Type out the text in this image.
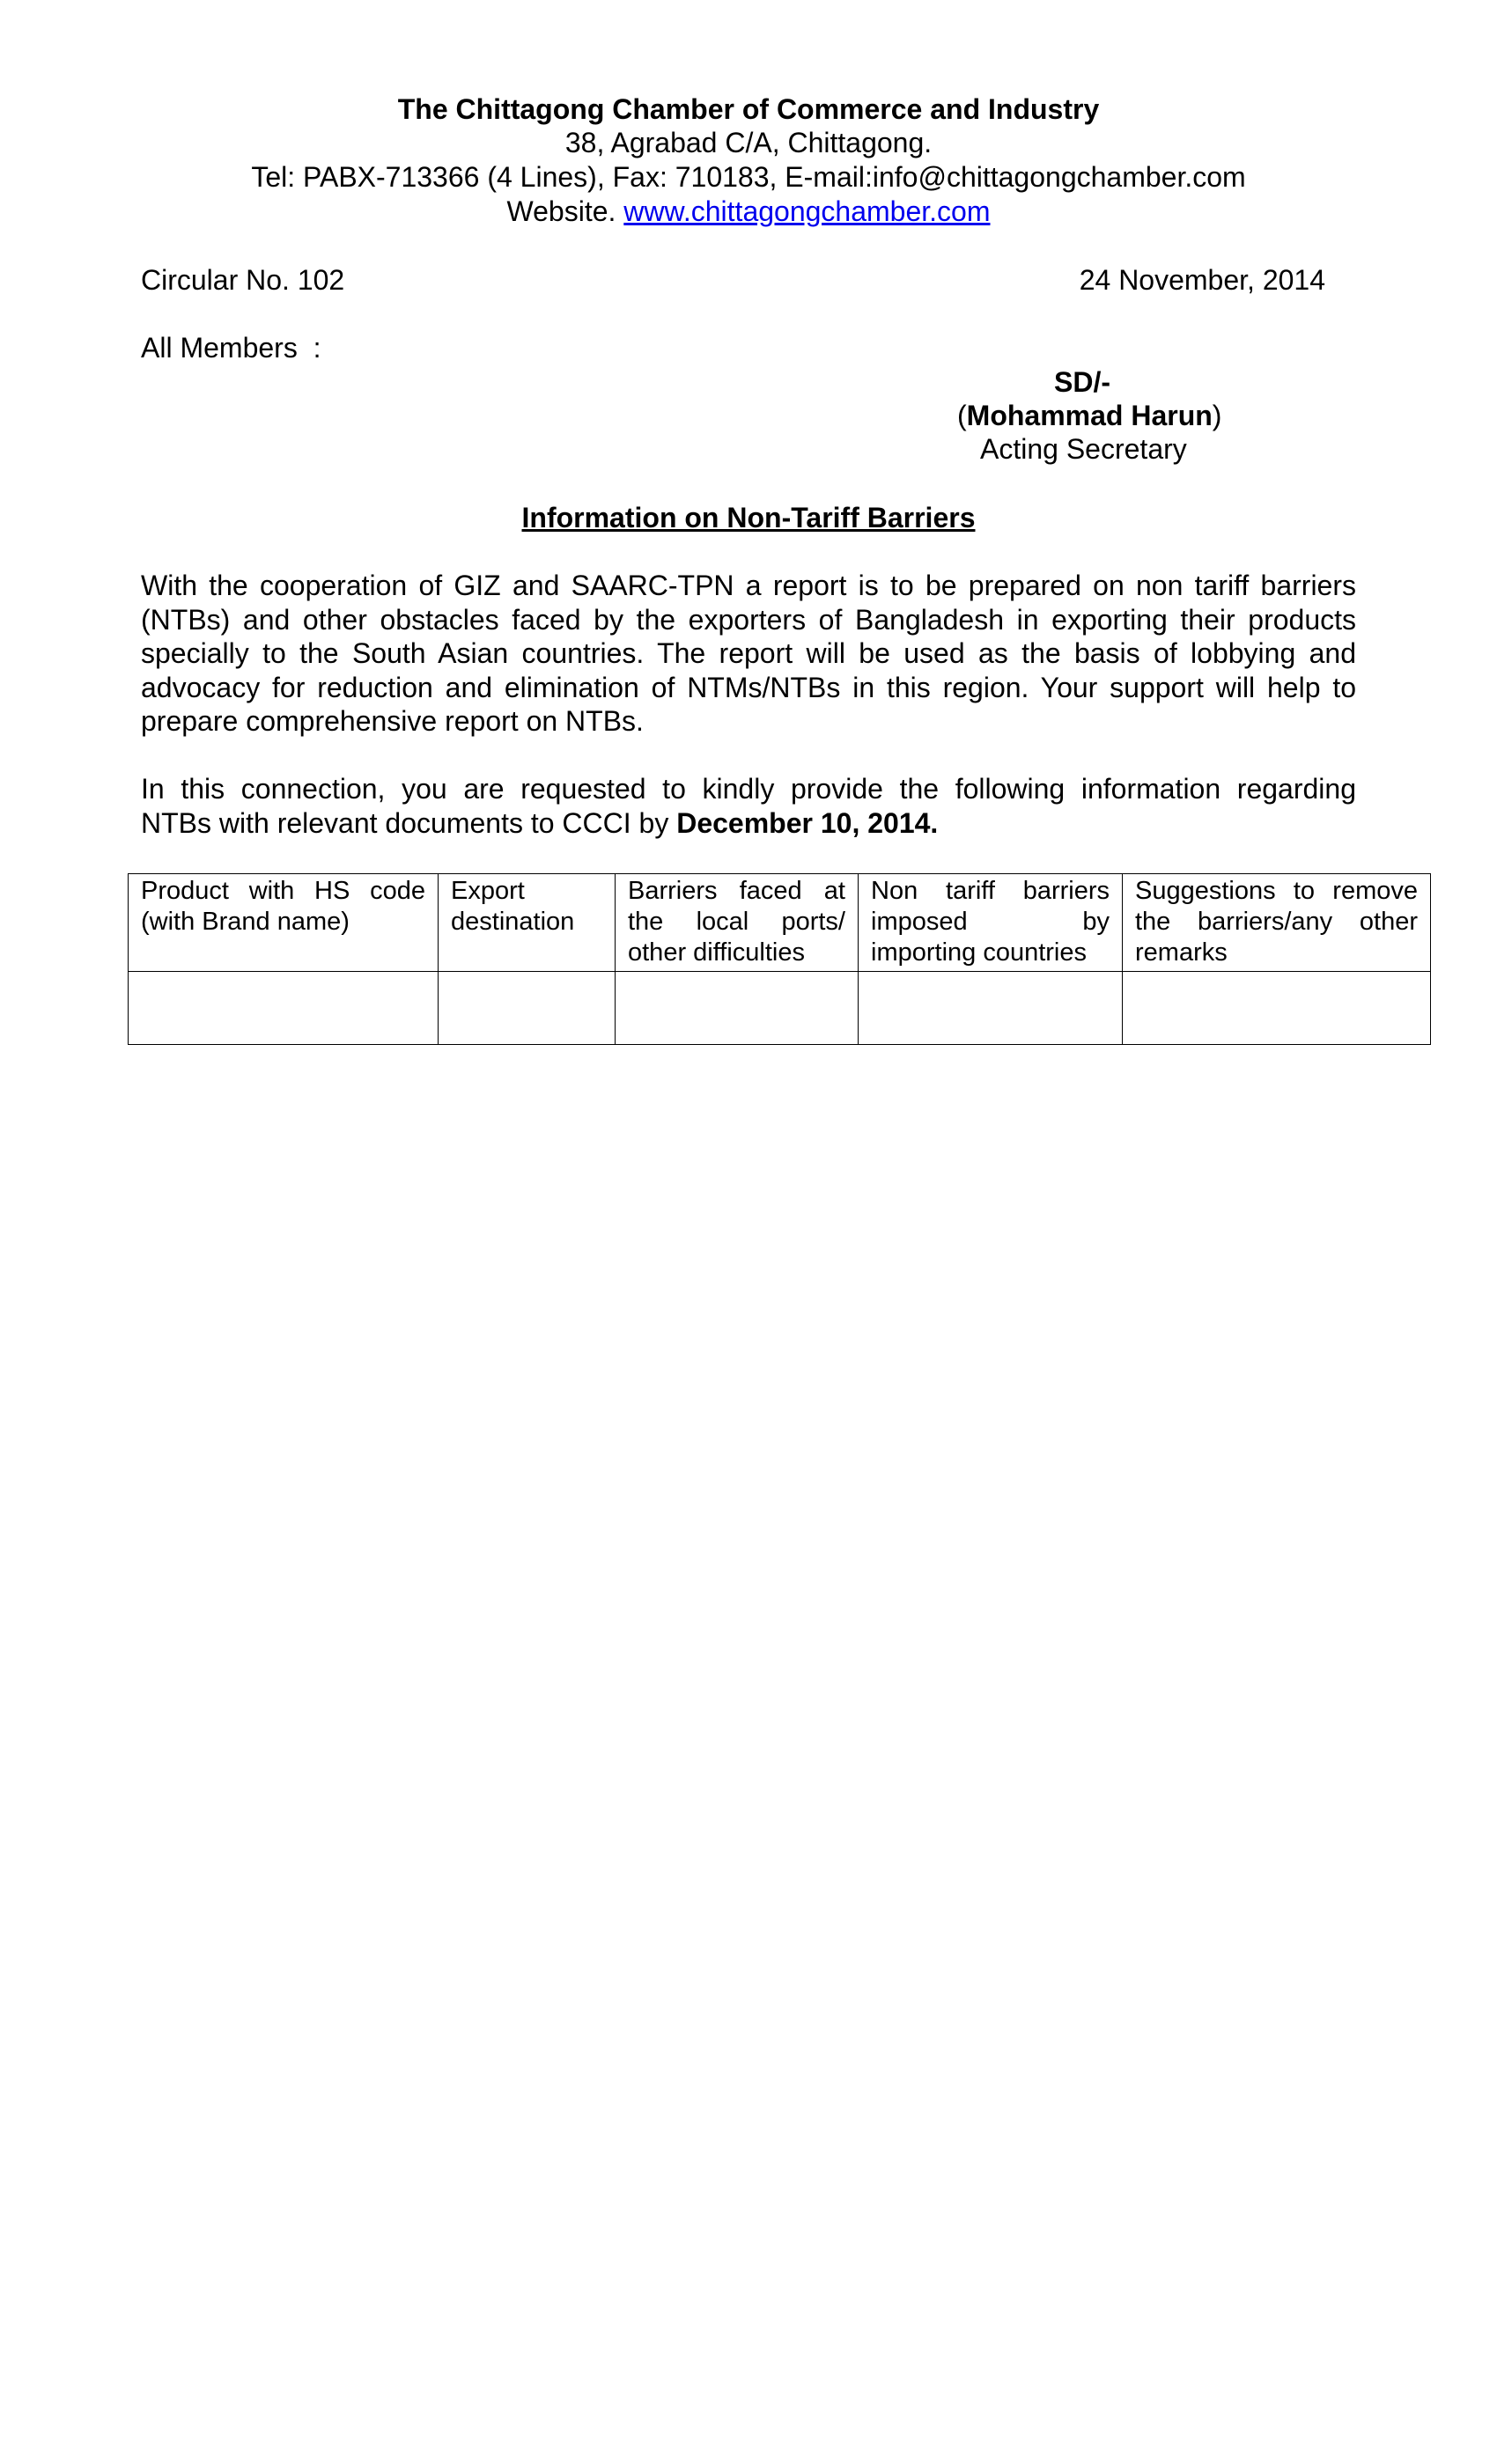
The Chittagong Chamber of Commerce and Industry
38, Agrabad C/A, Chittagong.
Tel: PABX-713366 (4 Lines), Fax: 710183, E-mail:info@chittagongchamber.com
Website. www.chittagongchamber.com
Circular No. 102	24 November, 2014
All Members  :
SD/-
(Mohammad Harun)
Acting Secretary
Information on Non-Tariff Barriers
With the cooperation of GIZ and SAARC-TPN a report is to be prepared on non tariff barriers
(NTBs) and other obstacles faced by the exporters of Bangladesh in exporting their products
specially to the South Asian countries. The report will be used as the basis of lobbying and
advocacy for reduction and elimination of NTMs/NTBs in this region. Your support will help to
prepare comprehensive report on NTBs.
In this connection, you are requested to kindly provide the following information regarding
NTBs with relevant documents to CCCI by December 10, 2014.
Product with HS code
(with Brand name)	Export
destination	Barriers faced at
the local ports/
other difficulties	Non tariff barriers
imposed by
importing countries	Suggestions to remove
the barriers/any other
remarks
